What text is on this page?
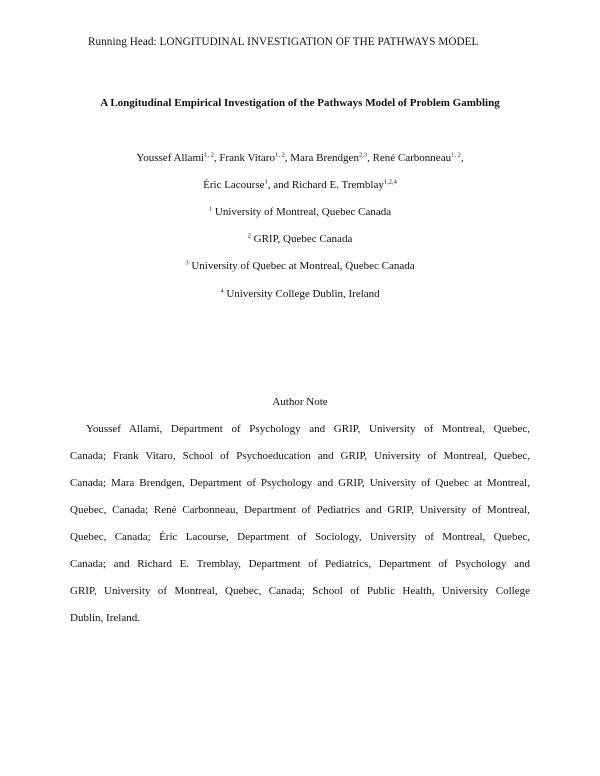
Running Head: LONGITUDINAL INVESTIGATION OF THE PATHWAYS MODEL
A Longitudinal Empirical Investigation of the Pathways Model of Problem Gambling
Youssef Allami$^{1, 2}$, Frank Vitaro$^{1, 2}$, Mara Brendgen$^{2,3}$, René Carbonneau$^{1, 2}$,
Éric Lacourse$^1$, and Richard E. Tremblay$^{1,2,4}$
$^1$ University of Montreal, Quebec Canada
$^2$ GRIP, Quebec Canada
$^3$ University of Quebec at Montreal, Quebec Canada
$^4$ University College Dublin, Ireland
Author Note
Youssef Allami, Department of Psychology and GRIP, University of Montreal, Quebec,
Canada; Frank Vitaro, School of Psychoeducation and GRIP, University of Montreal, Quebec,
Canada; Mara Brendgen, Department of Psychology and GRIP, University of Quebec at Montreal,
Quebec, Canada; René Carbonneau, Department of Pediatrics and GRIP, University of Montreal,
Quebec, Canada; Éric Lacourse, Department of Sociology, University of Montreal, Quebec,
Canada; and Richard E. Tremblay, Department of Pediatrics, Department of Psychology and
GRIP, University of Montreal, Quebec, Canada; School of Public Health, University College
Dublin, Ireland.
